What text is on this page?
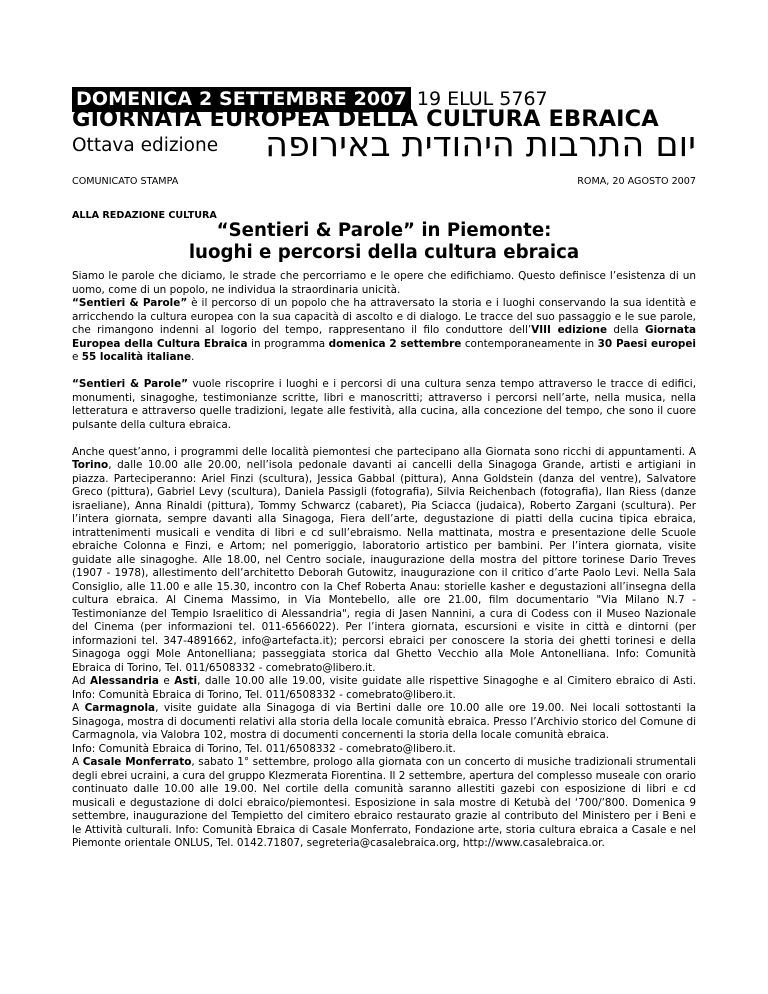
DOMENICA 2 SETTEMBRE 2007 19 ELUL 5767
GIORNATA EUROPEA DELLA CULTURA EBRAICA
Ottava edizione יום התרבות היהודית באירופה
COMUNICATO STAMPA	ROMA, 20 AGOSTO 2007
ALLA REDAZIONE CULTURA
“Sentieri & Parole” in Piemonte:
luoghi e percorsi della cultura ebraica

Siamo le parole che diciamo, le strade che percorriamo e le opere che edifichiamo. Questo definisce l’esistenza di un uomo, come di un popolo, ne individua la straordinaria unicità.
“Sentieri & Parole” è il percorso di un popolo che ha attraversato la storia e i luoghi conservando la sua identità e arricchendo la cultura europea con la sua capacità di ascolto e di dialogo. Le tracce del suo passaggio e le sue parole, che rimangono indenni al logorio del tempo, rappresentano il filo conduttore dell’VIII edizione della Giornata Europea della Cultura Ebraica in programma domenica 2 settembre contemporaneamente in 30 Paesi europei e 55 località italiane.

“Sentieri & Parole” vuole riscoprire i luoghi e i percorsi di una cultura senza tempo attraverso le tracce di edifici, monumenti, sinagoghe, testimonianze scritte, libri e manoscritti; attraverso i percorsi nell’arte, nella musica, nella letteratura e attraverso quelle tradizioni, legate alle festività, alla cucina, alla concezione del tempo, che sono il cuore pulsante della cultura ebraica.

Anche quest’anno, i programmi delle località piemontesi che partecipano alla Giornata sono ricchi di appuntamenti. A Torino, dalle 10.00 alle 20.00, nell’isola pedonale davanti ai cancelli della Sinagoga Grande, artisti e artigiani in piazza. Parteciperanno: Ariel Finzi (scultura), Jessica Gabbal (pittura), Anna Goldstein (danza del ventre), Salvatore Greco (pittura), Gabriel Levy (scultura), Daniela Passigli (fotografia), Silvia Reichenbach (fotografia), Ilan Riess (danze israeliane), Anna Rinaldi (pittura), Tommy Schwarcz (cabaret), Pia Sciacca (judaica), Roberto Zargani (scultura). Per l’intera giornata, sempre davanti alla Sinagoga, Fiera dell’arte, degustazione di piatti della cucina tipica ebraica, intrattenimenti musicali e vendita di libri e cd sull’ebraismo. Nella mattinata, mostra e presentazione delle Scuole ebraiche Colonna e Finzi, e Artom; nel pomeriggio, laboratorio artistico per bambini. Per l’intera giornata, visite guidate alle sinagoghe. Alle 18.00, nel Centro sociale, inaugurazione della mostra del pittore torinese Dario Treves (1907 - 1978), allestimento dell’architetto Deborah Gutowitz, inaugurazione con il critico d’arte Paolo Levi. Nella Sala Consiglio, alle 11.00 e alle 15.30, incontro con la Chef Roberta Anau: storielle kasher e degustazioni all’insegna della cultura ebraica. Al Cinema Massimo, in Via Montebello, alle ore 21.00, film documentario "Via Milano N.7 - Testimonianze del Tempio Israelitico di Alessandria", regia di Jasen Nannini, a cura di Codess con il Museo Nazionale del Cinema (per informazioni tel. 011-6566022). Per l’intera giornata, escursioni e visite in città e dintorni (per informazioni tel. 347-4891662, info@artefacta.it); percorsi ebraici per conoscere la storia dei ghetti torinesi e della Sinagoga oggi Mole Antonelliana; passeggiata storica dal Ghetto Vecchio alla Mole Antonelliana. Info: Comunità Ebraica di Torino, Tel. 011/6508332 - comebrato@libero.it.

Ad Alessandria e Asti, dalle 10.00 alle 19.00, visite guidate alle rispettive Sinagoghe e al Cimitero ebraico di Asti. Info: Comunità Ebraica di Torino, Tel. 011/6508332 - comebrato@libero.it.

A Carmagnola, visite guidate alla Sinagoga di via Bertini dalle ore 10.00 alle ore 19.00. Nei locali sottostanti la Sinagoga, mostra di documenti relativi alla storia della locale comunità ebraica. Presso l’Archivio storico del Comune di Carmagnola, via Valobra 102, mostra di documenti concernenti la storia della locale comunità ebraica.

Info: Comunità Ebraica di Torino, Tel. 011/6508332 - comebrato@libero.it.

A Casale Monferrato, sabato 1° settembre, prologo alla giornata con un concerto di musiche tradizionali strumentali degli ebrei ucraini, a cura del gruppo Klezmerata Fiorentina. Il 2 settembre, apertura del complesso museale con orario continuato dalle 10.00 alle 19.00. Nel cortile della comunità saranno allestiti gazebi con esposizione di libri e cd musicali e degustazione di dolci ebraico/piemontesi. Esposizione in sala mostre di Ketubà del ‘700/’800. Domenica 9 settembre, inaugurazione del Tempietto del cimitero ebraico restaurato grazie al contributo del Ministero per i Beni e le Attività culturali. Info: Comunità Ebraica di Casale Monferrato, Fondazione arte, storia cultura ebraica a Casale e nel Piemonte orientale ONLUS, Tel. 0142.71807, segreteria@casalebraica.org, http://www.casalebraica.or.
